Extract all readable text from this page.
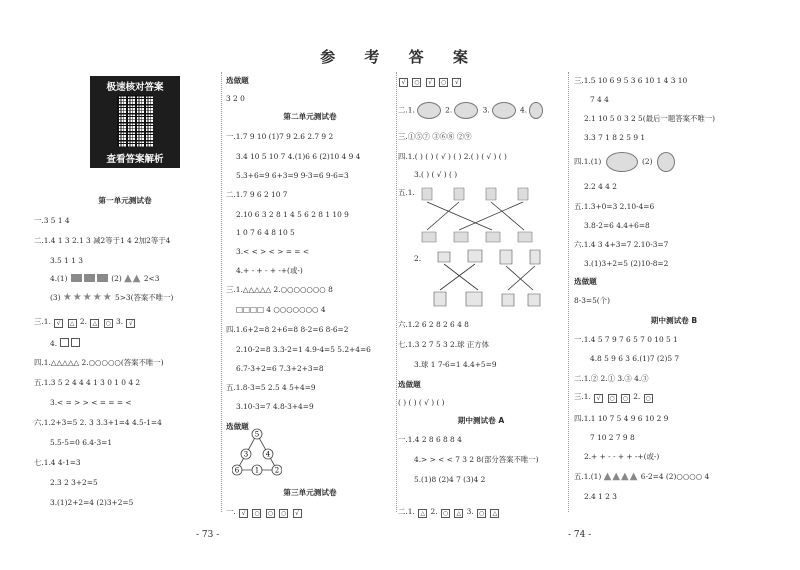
参 考 答 案
极速核对答案
查看答案解析
第一单元测试卷
一.3 5 1 4
二.1.4 1 3 2.1 3 减2等于1 4 2加2等于4
3.5 1 1 3
4.(1)	(2) ▲▲ 2<3
(3) ★★★★★ 5>3(答案不唯一)
三.1. √ △ 2. △ ○ 3. √
4.
四.1.△△△△△ 2.○○○○○(答案不唯一)
五.1.3 5 2 4 4 4 1 3 0 1 0 4 2
3.< = > > < = = = <
六.1.2+3=5 2. 3 3.3+1=4 4.5-1=4
5.5-5=0 6.4-3=1
七.1.4 4-1=3
2.3 2 3+2=5
3.(1)2+2=4 (2)3+2=5
选做题
3 2 0
第二单元测试卷
一.1.7 9 10 (1)7 9 2.6 2.7 9 2
3.4 10 5 10 7 4.(1)6 6 (2)10 4 9 4
5.3+6=9 6+3=9 9-3=6 9-6=3
二.1.7 9 6 2 10 7
2.10 6 3 2 8 1 4 5 6 2 8 1 10 9
1 0 7 6 4 8 10 5
3.< < > < > = = <
4.+ - + - + -+(或-)
三.1.△△△△△ 2.○○○○○○○ 8
□□□□ 4 ○○○○○○○ 4
四.1.6+2=8 2+6=8 8-2=6 8-6=2
2.10-2=8 3.3-2=1 4.9-4=5 5.2+4=6
6.7-3+2=6 7.3+2+3=8
五.1.8-3=5 2.5 4 5+4=9
3.10-3=7 4.8-3+4=9
选做题
5
3	4
6 1 2
第三单元测试卷
一. √ ○ ○ ○ √
√ ○ √ ○ √
二.1.	2.	3.	4.
三.①⑤⑦ ③⑥⑧ ②⑨
四.1.( ) ( ) ( √ ) ( ) 2.( ) ( √ ) ( )
3.( ) ( √ ) ( )
五.1.
2.
六.1.2 6 2 8 2 6 4 8
七.1.3 2 7 5 3 2.球 正方体
3.球 1 7-6=1 4.4+5=9
选做题
( ) ( ) ( √ ) ( )
期中测试卷 A
一.1.4 2 8 6 8 8 4
4.> > < < 7 3 2 8(部分答案不唯一)
5.(1)8 (2)4 7 (3)4 2
二.1. △ 2. ○ △ 3. ○ △
三.1.5 10 6 9 5 3 6 10 1 4 3 10
7 4 4
2.1 10 5 0 3 2 5(最后一题答案不唯一)
3.3 7 1 8 2 5 9 1
四.1.(1)	(2)
2.2 4 4 2
五.1.3+0=3 2.10-4=6
3.8-2=6 4.4+6=8
六.1.4 3 4+3=7 2.10-3=7
3.(1)3+2=5 (2)10-8=2
选做题
8-3=5(个)
期中测试卷 B
一.1.4 5 7 9 7 6 5 7 0 10 5 1
4.8 5 9 6 3 6.(1)7 (2)5 7
二.1.② 2.① 3.③ 4.③
三.1. √ ○ ○ 2. ○
四.1.1 10 7 5 4 9 6 10 2 9
7 10 2 7 9 8
2.+ + - - + + -+(或-)
五.1.(1) ▲▲▲▲ 6-2=4 (2)○○○○ 4
2.4 1 2 3
- 73 -	- 74 -
